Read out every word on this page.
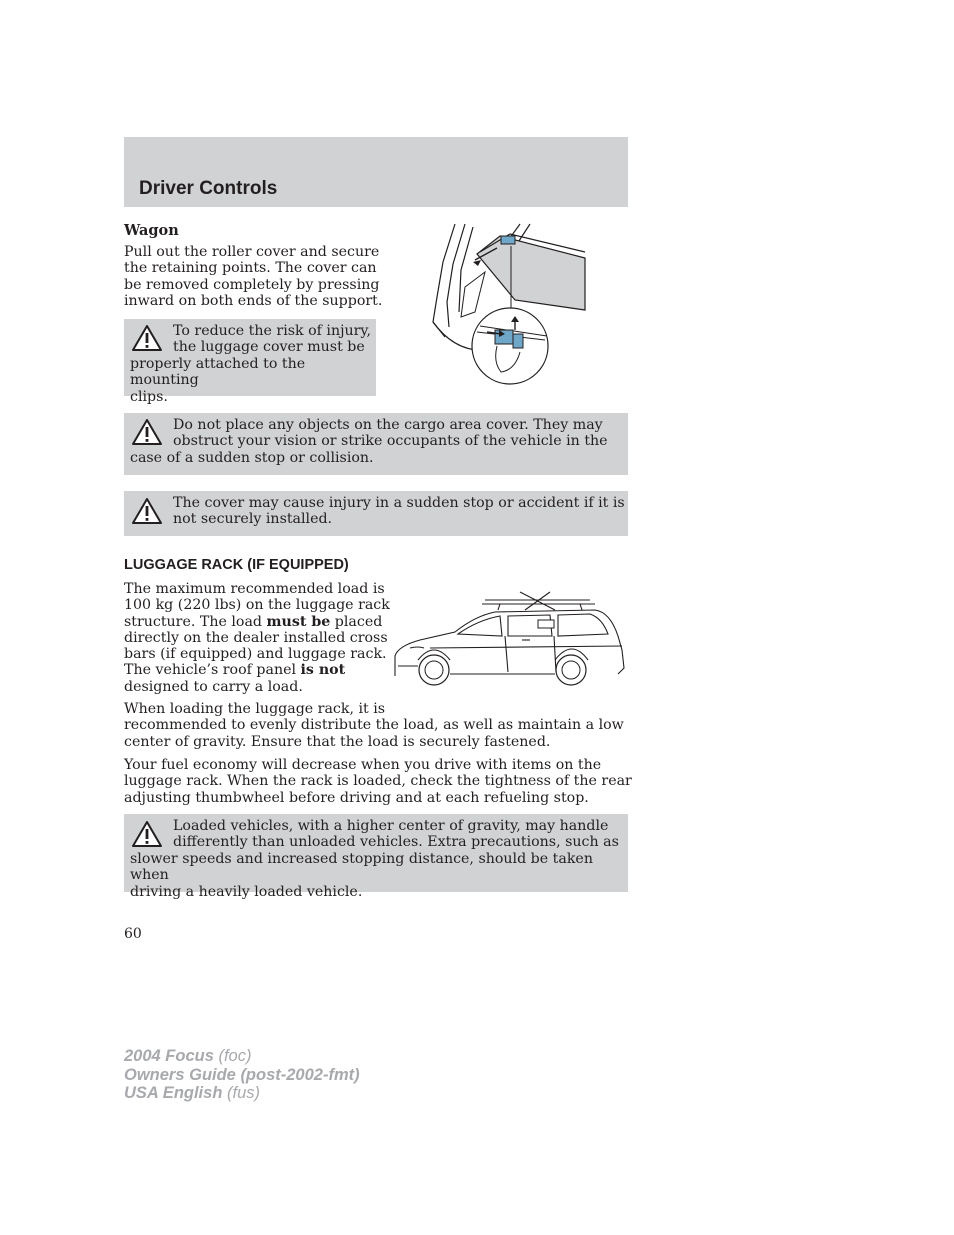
Driver Controls
Wagon
Pull out the roller cover and secure
the retaining points. The cover can
be removed completely by pressing
inward on both ends of the support.
To reduce the risk of injury,
the luggage cover must be
properly attached to the mounting
clips.
Do not place any objects on the cargo area cover. They may
obstruct your vision or strike occupants of the vehicle in the
case of a sudden stop or collision.
The cover may cause injury in a sudden stop or accident if it is
not securely installed.
LUGGAGE RACK (IF EQUIPPED)
The maximum recommended load is
100 kg (220 lbs) on the luggage rack
structure. The load must be placed
directly on the dealer installed cross
bars (if equipped) and luggage rack.
The vehicle’s roof panel is not
designed to carry a load.
When loading the luggage rack, it is
recommended to evenly distribute the load, as well as maintain a low
center of gravity. Ensure that the load is securely fastened.
Your fuel economy will decrease when you drive with items on the
luggage rack. When the rack is loaded, check the tightness of the rear
adjusting thumbwheel before driving and at each refueling stop.
Loaded vehicles, with a higher center of gravity, may handle
differently than unloaded vehicles. Extra precautions, such as
slower speeds and increased stopping distance, should be taken when
driving a heavily loaded vehicle.
60
2004 Focus (foc)
Owners Guide (post-2002-fmt)
USA English (fus)
